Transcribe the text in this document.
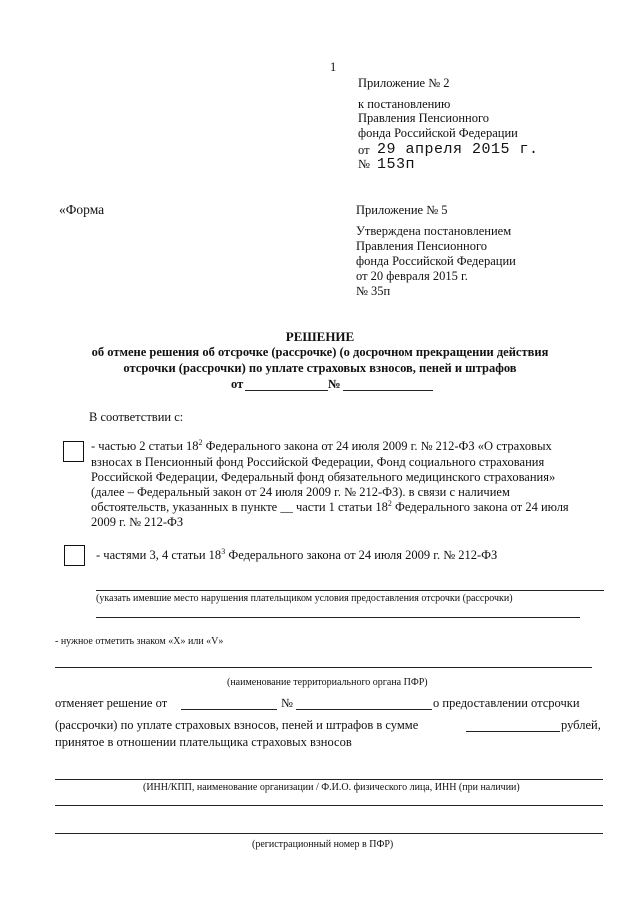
1
Приложение № 2
к постановлению
Правления Пенсионного
фонда Российской Федерации
от 29 апреля 2015 г.
№ 153п
«Форма	Приложение № 5
Утверждена постановлением
Правления Пенсионного
фонда Российской Федерации
от 20 февраля 2015 г.
№ 35п
РЕШЕНИЕ
об отмене решения об отсрочке (рассрочке) (о досрочном прекращении действия
отсрочки (рассрочки) по уплате страховых взносов, пеней и штрафов
от	№
В соответствии с:
- частью 2 статьи $18^2$ Федерального закона от 24 июля 2009 г. № 212-ФЗ «О страховых
взносах в Пенсионный фонд Российской Федерации, Фонд социального страхования
Российской Федерации, Федеральный фонд обязательного медицинского страхования»
(далее – Федеральный закон от 24 июля 2009 г. № 212-ФЗ). в связи с наличием
обстоятельств, указанных в пункте __ части 1 статьи $18^2$ Федерального закона от 24 июля
2009 г. № 212-ФЗ
- частями 3, 4 статьи $18^3$ Федерального закона от 24 июля 2009 г. № 212-ФЗ
(указать имевшие место нарушения плательщиком условия предоставления отсрочки (рассрочки)
- нужное отметить знаком «X» или «V»
(наименование территориального органа ПФР)
отменяет решение от	№	о предоставлении отсрочки
(рассрочки) по уплате страховых взносов, пеней и штрафов в сумме	рублей,
принятое в отношении плательщика страховых взносов
(ИНН/КПП, наименование организации / Ф.И.О. физического лица, ИНН (при наличии)
(регистрационный номер в ПФР)
